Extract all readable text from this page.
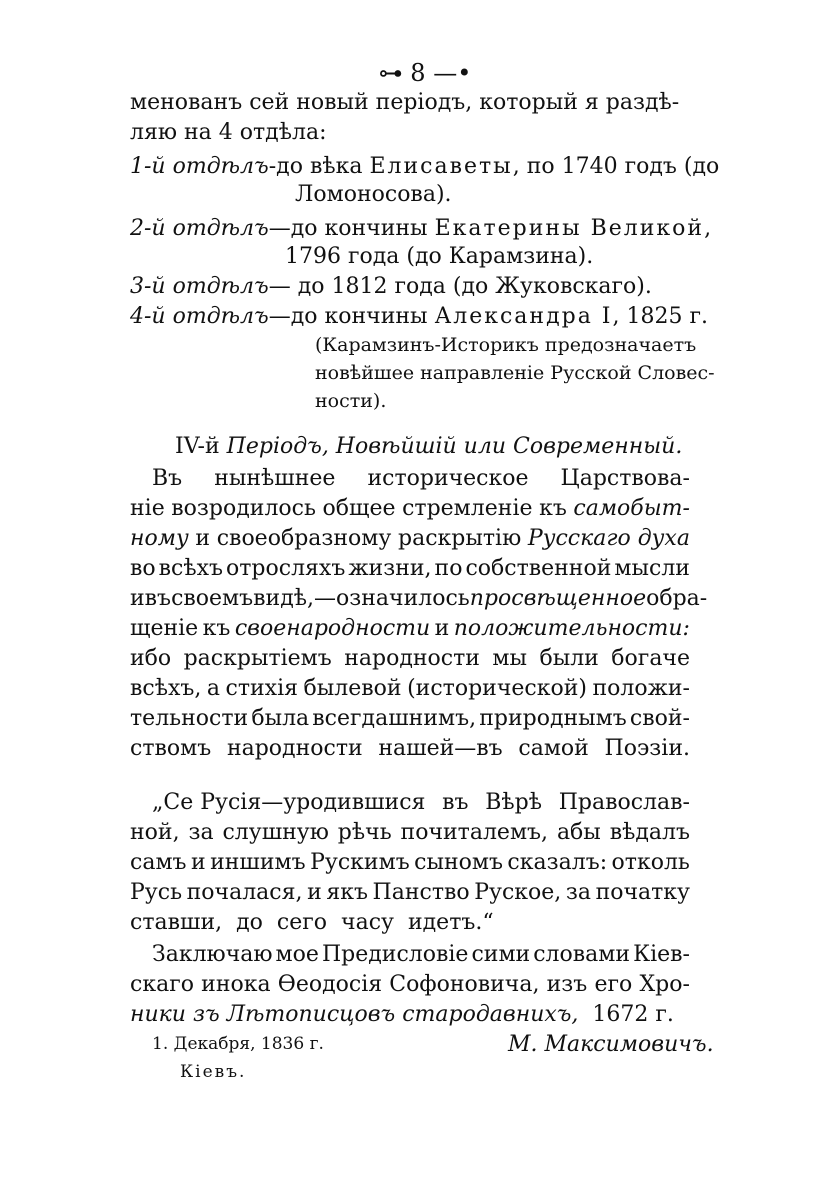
⊶ 8 —•
менованъ сей новый періодъ, который я раздѣ-
ляю на 4 отдѣла:
1-й отдѣлъ-до вѣка Елисаветы, по 1740 годъ (до
Ломоносова).
2-й отдѣлъ—до кончины Екатерины Великой,
1796 года (до Карамзина).
3-й отдѣлъ— до 1812 года (до Жуковскаго).
4-й отдѣлъ—до кончины Александра I, 1825 г.
(Карамзинъ-Историкъ предозначаетъ
новѣйшее направленіе Русской Словес-
ности).
IV-й Періодъ, Новѣйшій или Современный.
Въ нынѣшнее историческое Царствова-
ніе возродилось общее стремленіе къ самобыт-
ному и своеобразному раскрытію Русскаго духа
во всѣхъ отросляхъ жизни, по собственной мысли
и въ своемъ видѣ,—означилось просвѣщенное обра-
щеніе къ своенародности и положительности:
ибо раскрытіемъ народности мы были богаче
всѣхъ, а стихія былевой (исторической) положи-
тельности была всегдашнимъ, природнымъ свой-
ствомъ народности нашей—въ самой Поэзіи.
„Се Русія—уродившися въ Вѣрѣ Православ-
ной, за слушную рѣчь почиталемъ, абы вѣдалъ
самъ и иншимъ Рускимъ сыномъ сказалъ: отколь
Русь почалася, и якъ Панство Руское, за початку
ставши, до сего часу идетъ.“
Заключаю мое Предисловіе сими словами Кіев-
скаго инока Ѳеодосія Софоновича, изъ его Хро-
ники зъ Лѣтописцовъ стародавнихъ, 1672 г.
1. Декабря, 1836 г.	М. Максимовичъ.
Кіевъ.
